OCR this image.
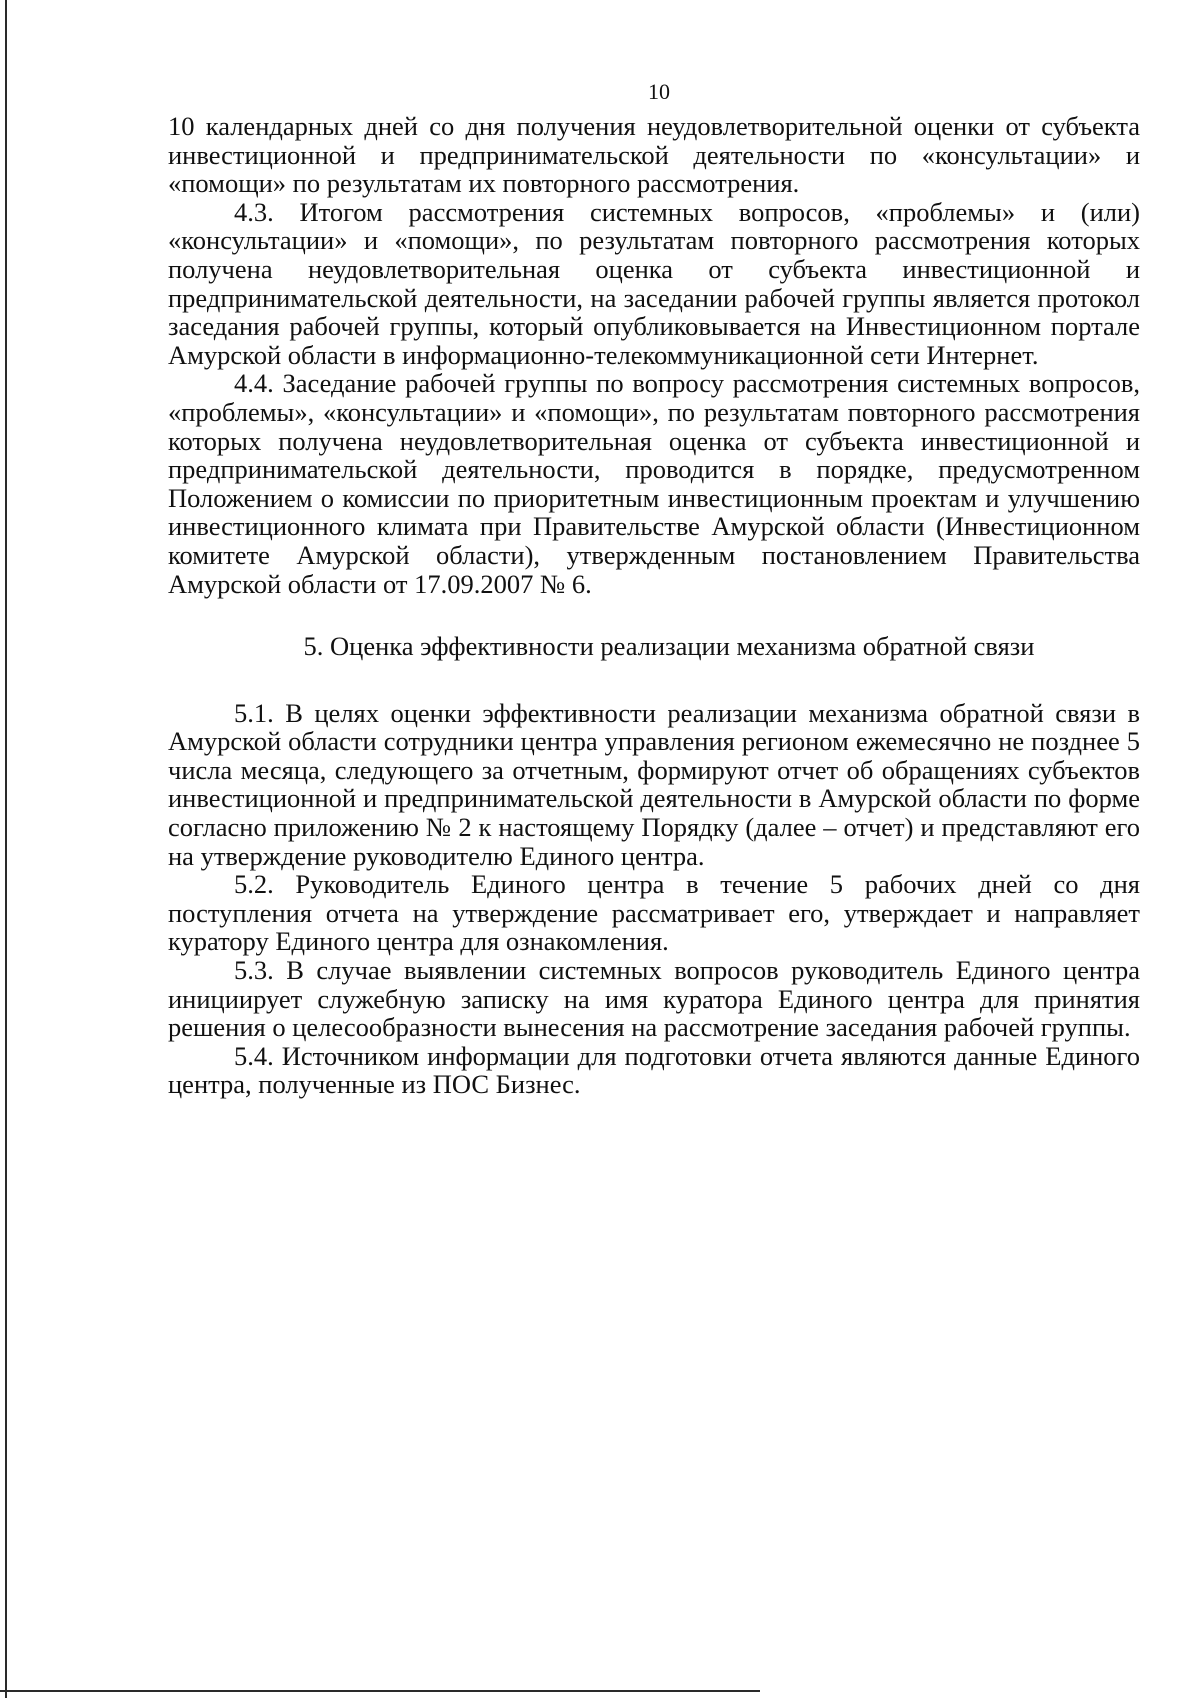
10

10 календарных дней со дня получения неудовлетворительной оценки от субъекта инвестиционной и предпринимательской деятельности по «консультации» и «помощи» по результатам их повторного рассмотрения.

4.3. Итогом рассмотрения системных вопросов, «проблемы» и (или) «консультации» и «помощи», по результатам повторного рассмотрения которых получена неудовлетворительная оценка от субъекта инвестиционной и предпринимательской деятельности, на заседании рабочей группы является протокол заседания рабочей группы, который опубликовывается на Инвестиционном портале Амурской области в информационно-телекоммуникационной сети Интернет.

4.4. Заседание рабочей группы по вопросу рассмотрения системных вопросов, «проблемы», «консультации» и «помощи», по результатам повторного рассмотрения которых получена неудовлетворительная оценка от субъекта инвестиционной и предпринимательской деятельности, проводится в порядке, предусмотренном Положением о комиссии по приоритетным инвестиционным проектам и улучшению инвестиционного климата при Правительстве Амурской области (Инвестиционном комитете Амурской области), утвержденным постановлением Правительства Амурской области от 17.09.2007 № 6.

5. Оценка эффективности реализации механизма обратной связи

5.1. В целях оценки эффективности реализации механизма обратной связи в Амурской области сотрудники центра управления регионом ежемесячно не позднее 5 числа месяца, следующего за отчетным, формируют отчет об обращениях субъектов инвестиционной и предпринимательской деятельности в Амурской области по форме согласно приложению № 2 к настоящему Порядку (далее – отчет) и представляют его на утверждение руководителю Единого центра.

5.2. Руководитель Единого центра в течение 5 рабочих дней со дня поступления отчета на утверждение рассматривает его, утверждает и направляет куратору Единого центра для ознакомления.

5.3. В случае выявлении системных вопросов руководитель Единого центра инициирует служебную записку на имя куратора Единого центра для принятия решения о целесообразности вынесения на рассмотрение заседания рабочей группы.

5.4. Источником информации для подготовки отчета являются данные Единого центра, полученные из ПОС Бизнес.
